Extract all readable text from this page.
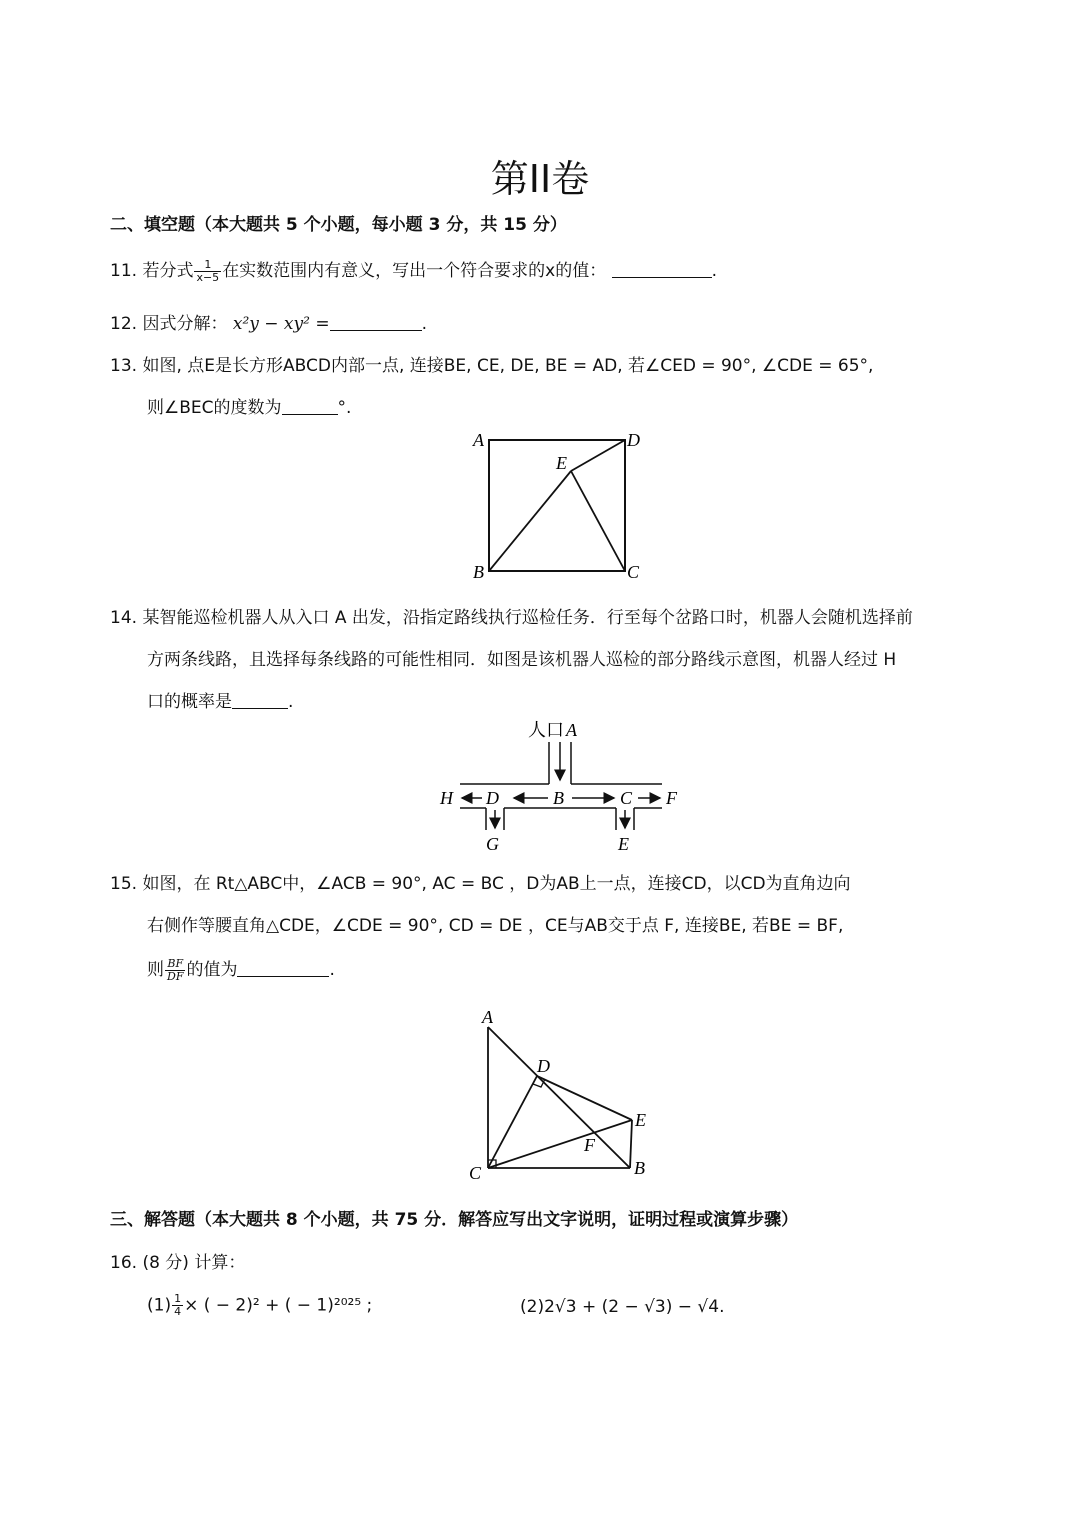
第II卷
二、填空题（本大题共 5 个小题，每小题 3 分，共 15 分）
11. 若分式 $\frac{1}{x-5}$ 在实数范围内有意义，写出一个符合要求的x的值：	.
12. 因式分解： x²y − xy² =	.
13. 如图, 点E是长方形ABCD内部一点, 连接BE, CE, DE, BE = AD, 若∠CED = 90°, ∠CDE = 65°,
则∠BEC的度数为	°.
A	D
E
B	C
14. 某智能巡检机器人从入口 A 出发，沿指定路线执行巡检任务．行至每个岔路口时，机器人会随机选择前
方两条线路，且选择每条线路的可能性相同．如图是该机器人巡检的部分路线示意图，机器人经过 H
口的概率是	.
人口 A
H D	B	C F
G	E
15. 如图，在 Rt△ABC中，∠ACB = 90°, AC = BC ，D为AB上一点，连接CD，以CD为直角边向
右侧作等腰直角△CDE，∠CDE = 90°, CD = DE ，CE与AB交于点 F, 连接BE, 若BE = BF,
则 $\frac{BF}{DF}$ 的值为	.
A
D
E
F
C	B
三、解答题（本大题共 8 个小题，共 75 分．解答应写出文字说明，证明过程或演算步骤）
16. (8 分) 计算：
$(1) \frac{1}{4}$ × ( − 2)² + ( − 1)²⁰²⁵ ;	(2)2√3 + (2 − √3) − √4.
